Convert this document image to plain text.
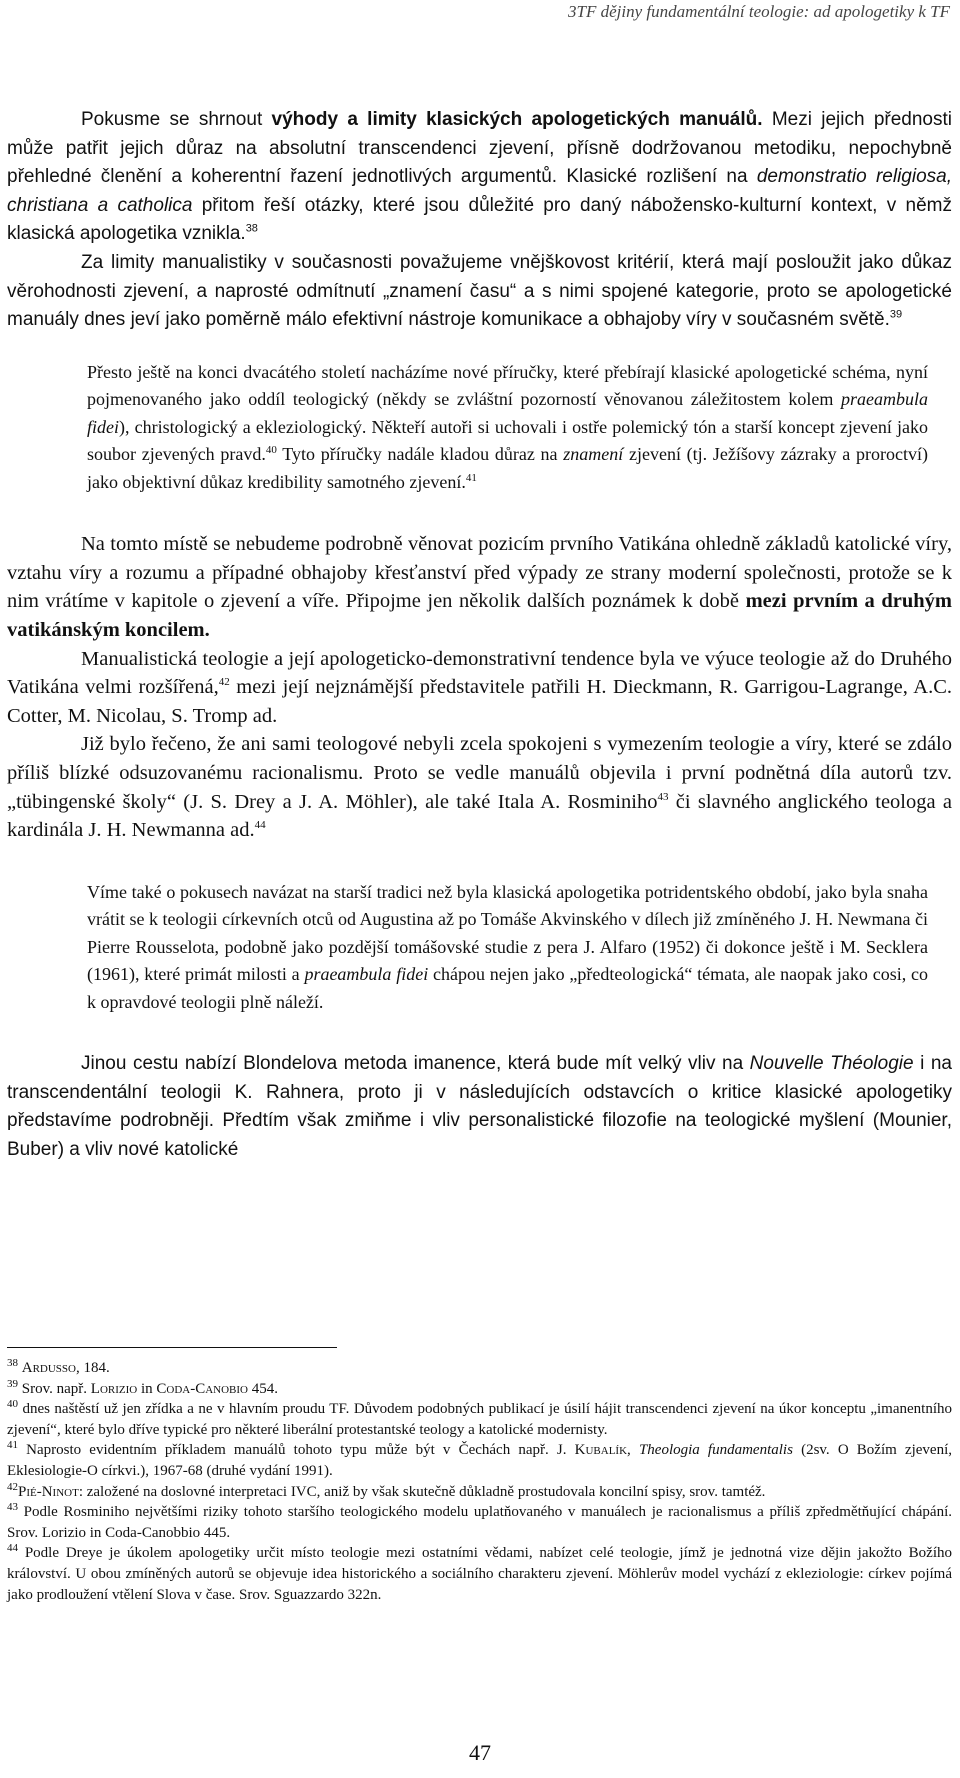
3TF dějiny fundamentální teologie: ad apologetiky k TF

Pokusme se shrnout výhody a limity klasických apologetických manuálů. Mezi jejich přednosti může patřit jejich důraz na absolutní transcendenci zjevení, přísně dodržovanou metodiku, nepochybně přehledné členění a koherentní řazení jednotlivých argumentů. Klasické rozlišení na demonstratio religiosa, christiana a catholica přitom řeší otázky, které jsou důležité pro daný nábožensko-kulturní kontext, v němž klasická apologetika vznikla.$^{38}$

Za limity manualistiky v současnosti považujeme vnějškovost kritérií, která mají posloužit jako důkaz věrohodnosti zjevení, a naprosté odmítnutí „znamení času“ a s nimi spojené kategorie, proto se apologetické manuály dnes jeví jako poměrně málo efektivní nástroje komunikace a obhajoby víry v současném světě.$^{39}$

Přesto ještě na konci dvacátého století nacházíme nové příručky, které přebírají klasické apologetické schéma, nyní pojmenovaného jako oddíl teologický (někdy se zvláštní pozorností věnovanou záležitostem kolem praeambula fidei), christologický a ekleziologický. Někteří autoři si uchovali i ostře polemický tón a starší koncept zjevení jako soubor zjevených pravd.$^{40}$ Tyto příručky nadále kladou důraz na znamení zjevení (tj. Ježíšovy zázraky a proroctví) jako objektivní důkaz kredibility samotného zjevení.$^{41}$

Na tomto místě se nebudeme podrobně věnovat pozicím prvního Vatikána ohledně základů katolické víry, vztahu víry a rozumu a případné obhajoby křesťanství před výpady ze strany moderní společnosti, protože se k nim vrátíme v kapitole o zjevení a víře. Připojme jen několik dalších poznámek k době mezi prvním a druhým vatikánským koncilem.

Manualistická teologie a její apologeticko-demonstrativní tendence byla ve výuce teologie až do Druhého Vatikána velmi rozšířená,$^{42}$ mezi její nejznámější představitele patřili H. Dieckmann, R. Garrigou-Lagrange, A.C. Cotter, M. Nicolau, S. Tromp ad.

Již bylo řečeno, že ani sami teologové nebyli zcela spokojeni s vymezením teologie a víry, které se zdálo příliš blízké odsuzovanému racionalismu. Proto se vedle manuálů objevila i první podnětná díla autorů tzv. „tübingenské školy“ (J. S. Drey a J. A. Möhler), ale také Itala A. Rosminiho$^{43}$ či slavného anglického teologa a kardinála J. H. Newmanna ad.$^{44}$

Víme také o pokusech navázat na starší tradici než byla klasická apologetika potridentského období, jako byla snaha vrátit se k teologii církevních otců od Augustina až po Tomáše Akvinského v dílech již zmíněného J. H. Newmana či Pierre Rousselota, podobně jako pozdější tomášovské studie z pera J. Alfaro (1952) či dokonce ještě i M. Secklera (1961), které primát milosti a praeambula fidei chápou nejen jako „předteologická“ témata, ale naopak jako cosi, co k opravdové teologii plně náleží.

Jinou cestu nabízí Blondelova metoda imanence, která bude mít velký vliv na Nouvelle Théologie i na transcendentální teologii K. Rahnera, proto ji v následujících odstavcích o kritice klasické apologetiky představíme podrobněji. Předtím však zmiňme i vliv personalistické filozofie na teologické myšlení (Mounier, Buber) a vliv nové katolické

$^{38}$ Ardusso, 184.

$^{39}$ Srov. např. Lorizio in Coda-Canobio 454.

$^{40}$ dnes naštěstí už jen zřídka a ne v hlavním proudu TF. Důvodem podobných publikací je úsilí hájit transcendenci zjevení na úkor konceptu „imanentního zjevení“, které bylo dříve typické pro některé liberální protestantské teology a katolické modernisty.

$^{41}$ Naprosto evidentním příkladem manuálů tohoto typu může být v Čechách např. J. Kubalík, Theologia fundamentalis (2sv. O Božím zjevení, Eklesiologie-O církvi.), 1967-68 (druhé vydání 1991).

$^{42}$Pié-Ninot: založené na doslovné interpretaci IVC, aniž by však skutečně důkladně prostudovala koncilní spisy, srov. tamtéž.

$^{43}$ Podle Rosminiho největšími riziky tohoto staršího teologického modelu uplatňovaného v manuálech je racionalismus a příliš zpředmětňující chápání. Srov. Lorizio in Coda-Canobbio 445.

$^{44}$ Podle Dreye je úkolem apologetiky určit místo teologie mezi ostatními vědami, nabízet celé teologie, jímž je jednotná vize dějin jakožto Božího království. U obou zmíněných autorů se objevuje idea historického a sociálního charakteru zjevení. Möhlerův model vychází z ekleziologie: církev pojímá jako prodloužení vtělení Slova v čase. Srov. Sguazzardo 322n.

47
